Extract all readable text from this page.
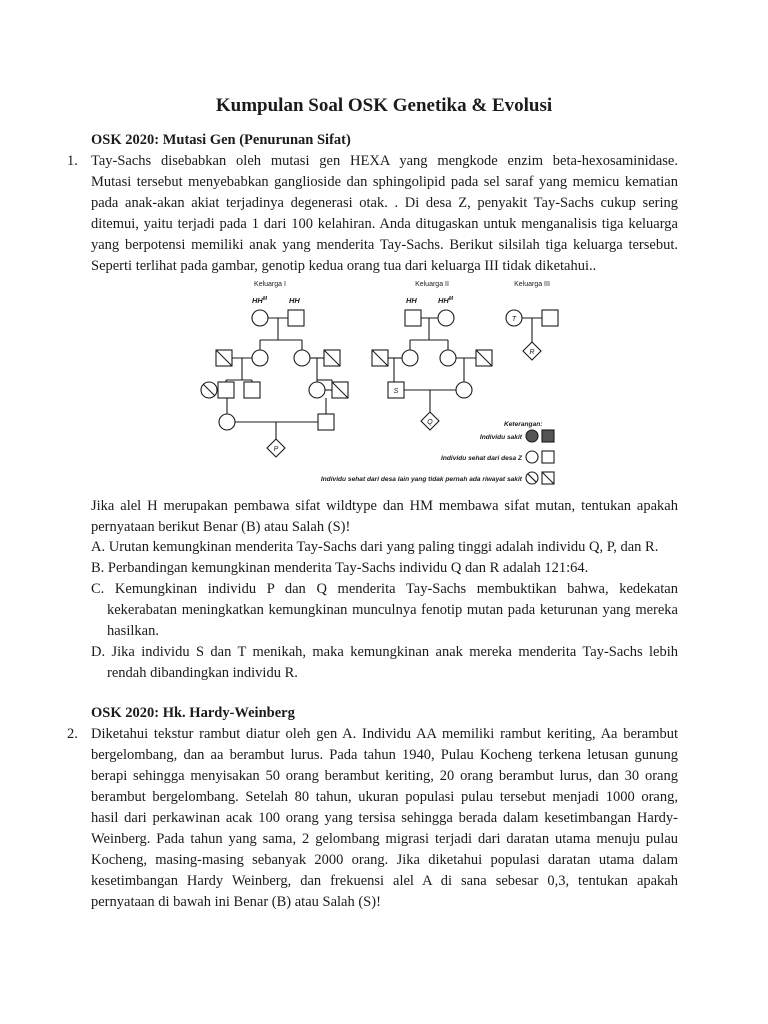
Kumpulan Soal OSK Genetika & Evolusi
OSK 2020: Mutasi Gen (Penurunan Sifat)
1. Tay-Sachs disebabkan oleh mutasi gen HEXA yang mengkode enzim beta-hexosaminidase.
Mutasi tersebut menyebabkan ganglioside dan sphingolipid pada sel saraf yang memicu kematian
pada anak-akan akiat terjadinya degenerasi otak. . Di desa Z, penyakit Tay-Sachs cukup sering
ditemui, yaitu terjadi pada 1 dari 100 kelahiran. Anda ditugaskan untuk menganalisis tiga keluarga
yang berpotensi memiliki anak yang menderita Tay-Sachs. Berikut silsilah tiga keluarga tersebut.
Seperti terlihat pada gambar, genotip kedua orang tua dari keluarga III tidak diketahui..
Keluarga I
$HH^M$	HH
P
Keluarga II
HH	$HH^M$
S
Q
Keluarga III
T
R
Keterangan:
Individu sakit
Individu sehat dari desa Z
Individu sehat dari desa lain yang tidak pernah ada riwayat sakit
Jika alel H merupakan pembawa sifat wildtype dan HM membawa sifat mutan, tentukan apakah
pernyataan berikut Benar (B) atau Salah (S)!
A. Urutan kemungkinan menderita Tay-Sachs dari yang paling tinggi adalah individu Q, P, dan R.
B. Perbandingan kemungkinan menderita Tay-Sachs individu Q dan R adalah 121:64.
C. Kemungkinan individu P dan Q menderita Tay-Sachs membuktikan bahwa, kedekatan kekerabatan meningkatkan kemungkinan munculnya fenotip mutan pada keturunan yang mereka hasilkan.
D. Jika individu S dan T menikah, maka kemungkinan anak mereka menderita Tay-Sachs lebih rendah dibandingkan individu R.
OSK 2020: Hk. Hardy-Weinberg
2. Diketahui tekstur rambut diatur oleh gen A. Individu AA memiliki rambut keriting, Aa berambut
bergelombang, dan aa berambut lurus. Pada tahun 1940, Pulau Kocheng terkena letusan gunung
berapi sehingga menyisakan 50 orang berambut keriting, 20 orang berambut lurus, dan 30 orang
berambut bergelombang. Setelah 80 tahun, ukuran populasi pulau tersebut menjadi 1000 orang,
hasil dari perkawinan acak 100 orang yang tersisa sehingga berada dalam kesetimbangan Hardy-
Weinberg. Pada tahun yang sama, 2 gelombang migrasi terjadi dari daratan utama menuju pulau
Kocheng, masing-masing sebanyak 2000 orang. Jika diketahui populasi daratan utama dalam
kesetimbangan Hardy Weinberg, dan frekuensi alel A di sana sebesar 0,3, tentukan apakah
pernyataan di bawah ini Benar (B) atau Salah (S)!
